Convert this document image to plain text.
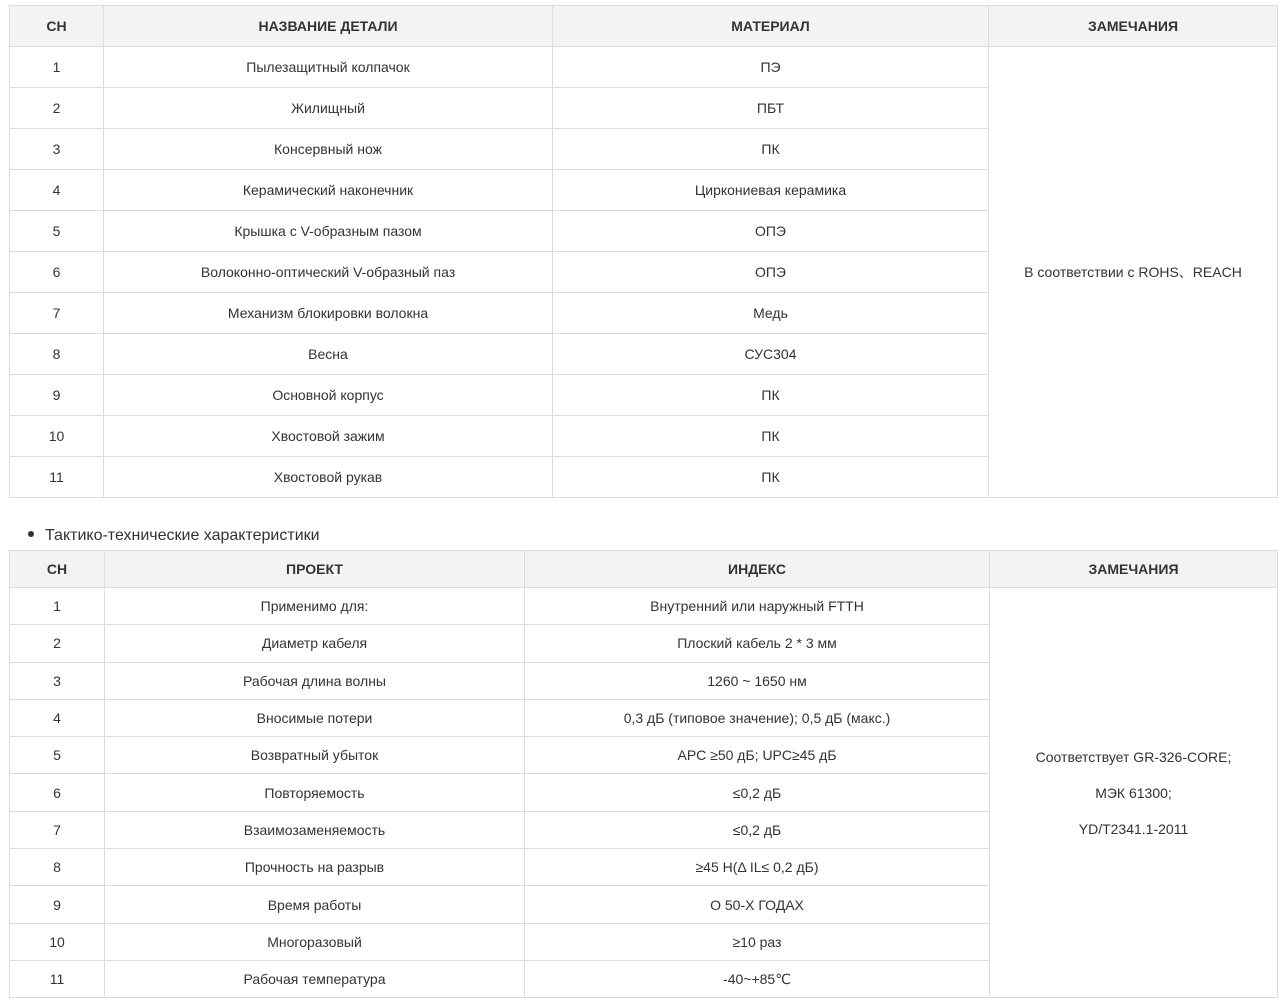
СН	НАЗВАНИЕ ДЕТАЛИ	МАТЕРИАЛ	ЗАМЕЧАНИЯ
1	Пылезащитный колпачок	ПЭ	В соответствии с ROHS、REACH
2	Жилищный	ПБТ	
3	Консервный нож	ПК	
4	Керамический наконечник	Циркониевая керамика	
5	Крышка с V-образным пазом	ОПЭ	
6	Волоконно-оптический V-образный паз	ОПЭ	
7	Механизм блокировки волокна	Медь	
8	Весна	СУС304	
9	Основной корпус	ПК	
10	Хвостовой зажим	ПК	
11	Хвостовой рукав	ПК	
Тактико-технические характеристики
СН	ПРОЕКТ	ИНДЕКС	ЗАМЕЧАНИЯ
1	Применимо для:	Внутренний или наружный FTTH	Соответствует GR-326-CORE;
МЭК 61300;
YD/T2341.1-2011

2	Диаметр кабеля	Плоский кабель 2 * 3 мм	
3	Рабочая длина волны	1260 ~ 1650 нм	
4	Вносимые потери	0,3 дБ (типовое значение); 0,5 дБ (макс.)	
5	Возвратный убыток	APC ≥50 дБ; UPC≥45 дБ	
6	Повторяемость	≤0,2 дБ	
7	Взаимозаменяемость	≤0,2 дБ	
8	Прочность на разрыв	≥45 Н(Δ IL≤ 0,2 дБ)	
9	Время работы	О 50-Х ГОДАХ	
10	Многоразовый	≥10 раз	
11	Рабочая температура	-40~+85℃	
